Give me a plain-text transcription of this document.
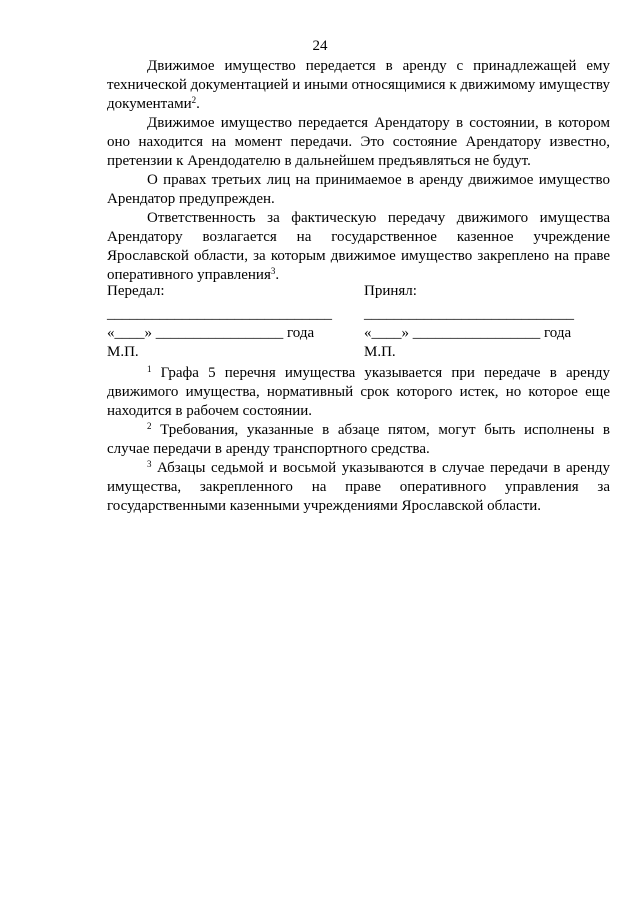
24

Движимое имущество передается в аренду с принадлежащей ему технической документацией и иными относящимися к движимому имуществу документами$^2$.

Движимое имущество передается Арендатору в состоянии, в котором оно находится на момент передачи. Это состояние Арендатору известно, претензии к Арендодателю в дальнейшем предъявляться не будут.

О правах третьих лиц на принимаемое в аренду движимое имущество Арендатор предупрежден.

Ответственность за фактическую передачу движимого имущества Арендатору возлагается на государственное казенное учреждение Ярославской области, за которым движимое имущество закреплено на праве оперативного управления$^3$.

Передал:

______________________________

«____» _________________ года

М.П.

Принял:

____________________________

«____» _________________ года

М.П.

$^1$ Графа 5 перечня имущества указывается при передаче в аренду движимого имущества, нормативный срок которого истек, но которое еще находится в рабочем состоянии.

$^2$ Требования, указанные в абзаце пятом, могут быть исполнены в случае передачи в аренду транспортного средства.

$^3$ Абзацы седьмой и восьмой указываются в случае передачи в аренду имущества, закрепленного на праве оперативного управления за государственными казенными учреждениями Ярославской области.
